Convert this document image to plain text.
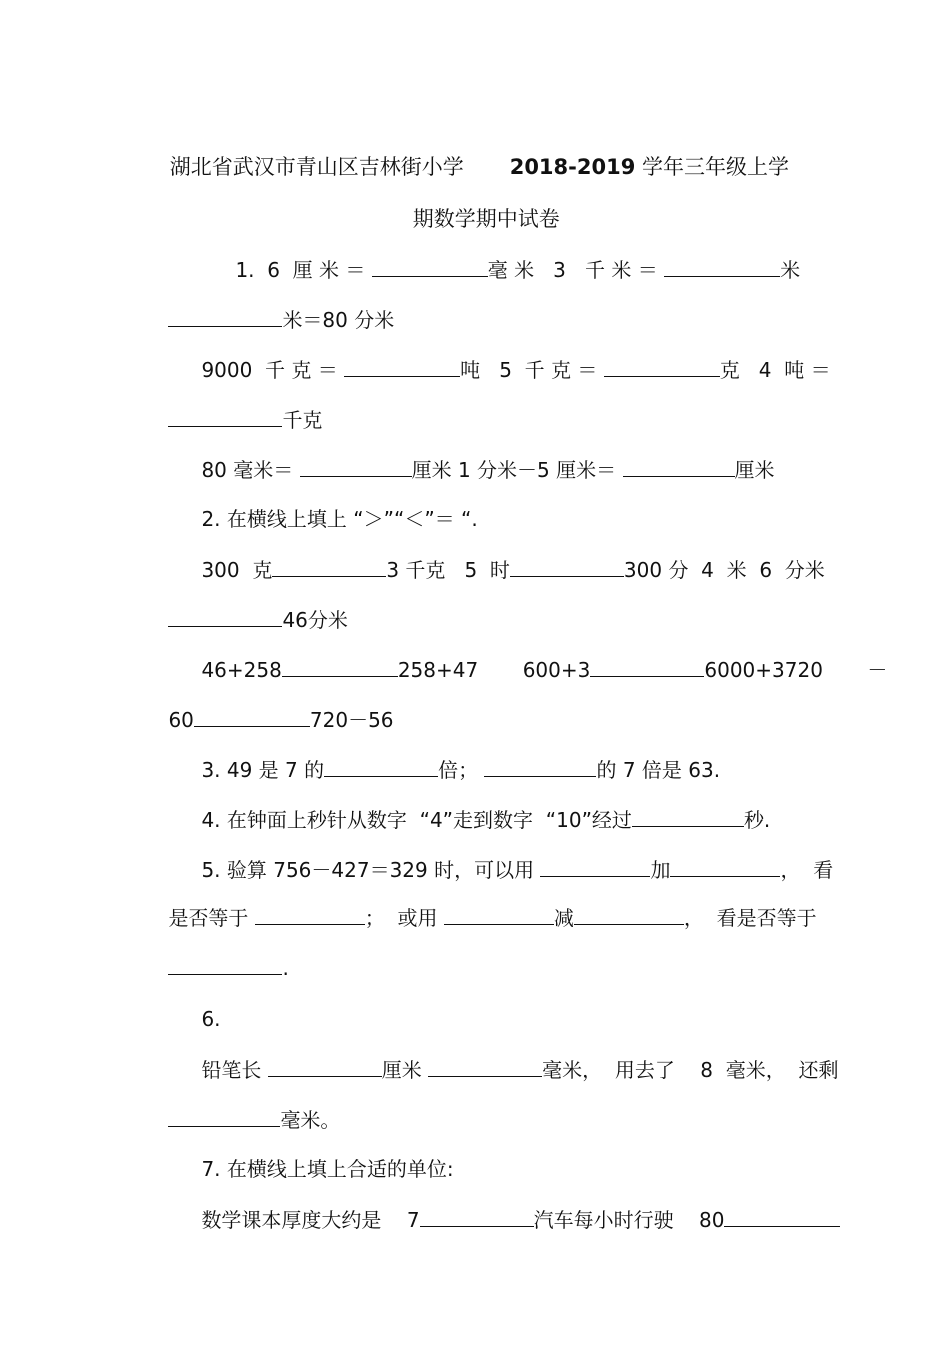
湖北省武汉市青山区吉林街小学 2018-2019 学年三年级上学

期数学期中试卷

1.  6  厘 米 ＝	毫 米   3   千 米 ＝	米

米＝80 分米

9000  千 克 ＝	吨   5  千 克 ＝	克   4  吨 ＝

千克

80 毫米＝	厘米 1 分米－5 厘米＝	厘米

2. 在横线上填上 “＞”“＜”＝ “.

300  克	3 千克   5  时	300 分  4  米  6  分米

46分米

46+258	258+47       600+3	6000+3720       －

60	720－56

3. 49 是 7 的	倍；	的 7 倍是 63.

4. 在钟面上秒针从数字  “4”走到数字  “10”经过	秒.

5. 验算 756－427＝329 时，可以用	加	，  看

是否等于	；  或用	减	，  看是否等于

.

6.

铅笔长	厘米	毫米，  用去了    8  毫米，  还剩

毫米。

7. 在横线上填上合适的单位:

数学课本厚度大约是    7	汽车每小时行驶    80
